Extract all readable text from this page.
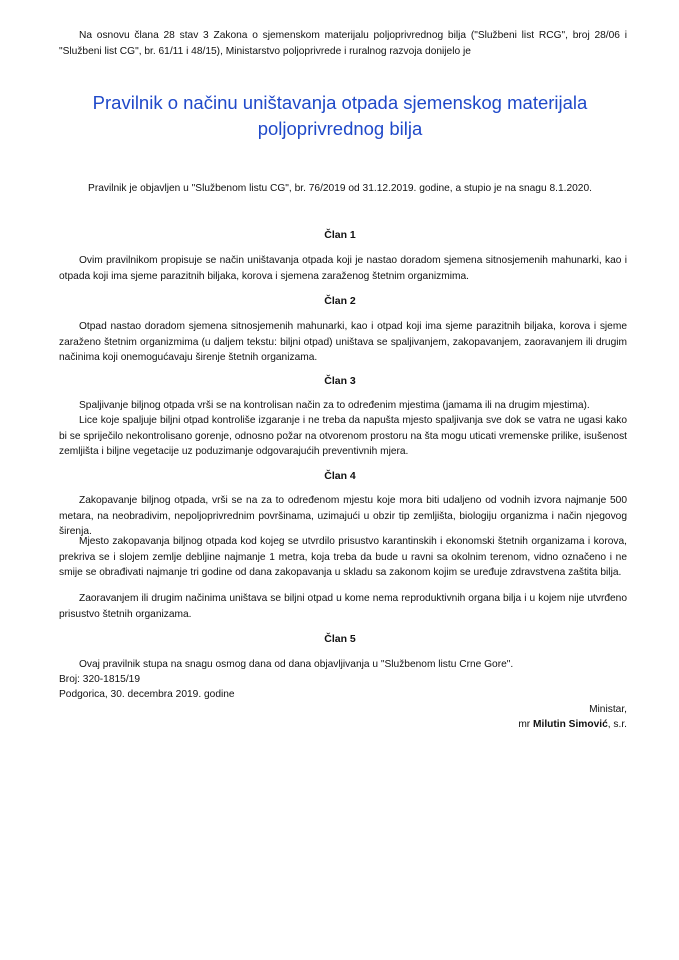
Na osnovu člana 28 stav 3 Zakona o sjemenskom materijalu poljoprivrednog bilja ("Službeni list RCG", broj 28/06 i "Službeni list CG", br. 61/11 i 48/15), Ministarstvo poljoprivrede i ruralnog razvoja donijelo je

Pravilnik o načinu uništavanja otpada sjemenskog materijala
poljoprivrednog bilja

Pravilnik je objavljen u "Službenom listu CG", br. 76/2019 od 31.12.2019. godine, a stupio je na snagu 8.1.2020.

Član 1

Ovim pravilnikom propisuje se način uništavanja otpada koji je nastao doradom sjemena sitnosjemenih mahunarki, kao i otpada koji ima sjeme parazitnih biljaka, korova i sjemena zaraženog štetnim organizmima.

Član 2

Otpad nastao doradom sjemena sitnosjemenih mahunarki, kao i otpad koji ima sjeme parazitnih biljaka, korova i sjeme zaraženo štetnim organizmima (u daljem tekstu: biljni otpad) uništava se spaljivanjem, zakopavanjem, zaoravanjem ili drugim načinima koji onemogućavaju širenje štetnih organizama.

Član 3

Spaljivanje biljnog otpada vrši se na kontrolisan način za to određenim mjestima (jamama ili na drugim mjestima).

Lice koje spaljuje biljni otpad kontroliše izgaranje i ne treba da napušta mjesto spaljivanja sve dok se vatra ne ugasi kako bi se spriječilo nekontrolisano gorenje, odnosno požar na otvorenom prostoru na šta mogu uticati vremenske prilike, isušenost zemljišta i biljne vegetacije uz poduzimanje odgovarajućih preventivnih mjera.

Član 4

Zakopavanje biljnog otpada, vrši se na za to određenom mjestu koje mora biti udaljeno od vodnih izvora najmanje 500 metara, na neobradivim, nepoljoprivrednim površinama, uzimajući u obzir tip zemljišta, biologiju organizma i način njegovog širenja.

Mjesto zakopavanja biljnog otpada kod kojeg se utvrdilo prisustvo karantinskih i ekonomski štetnih organizama i korova, prekriva se i slojem zemlje debljine najmanje 1 metra, koja treba da bude u ravni sa okolnim terenom, vidno označeno i ne smije se obrađivati najmanje tri godine od dana zakopavanja u skladu sa zakonom kojim se uređuje zdravstvena zaštita bilja.

Zaoravanjem ili drugim načinima uništava se biljni otpad u kome nema reproduktivnih organa bilja i u kojem nije utvrđeno prisustvo štetnih organizama.

Član 5

Ovaj pravilnik stupa na snagu osmog dana od dana objavljivanja u "Službenom listu Crne Gore".

Broj: 320-1815/19

Podgorica, 30. decembra 2019. godine

Ministar,

mr Milutin Simović, s.r.
